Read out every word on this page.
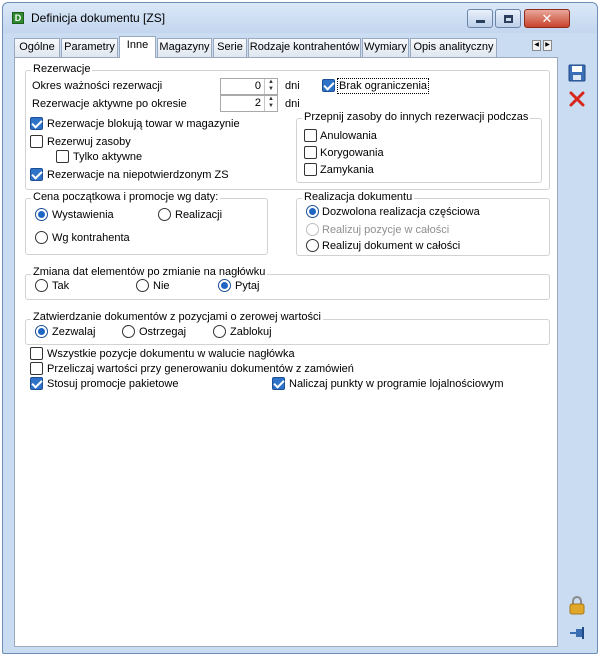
D Definicja dokumentu [ZS]	✕
Ogólne Parametry	Inne	Magazyny Serie Rodzaje kontrahentów Wymiary Opis analityczny	◀	▶
Rezerwacje
Okres ważności rezerwacji	0	▲
▼ dni	Brak ograniczenia
Rezerwacje aktywne po okresie	2	▲
▼ dni
Rezerwacje blokują towar w magazynie
Rezerwuj zasoby
Tylko aktywne
Rezerwacje na niepotwierdzonym ZS
Przepnij zasoby do innych rezerwacji podczas
Anulowania
Korygowania
Zamykania
Cena początkowa i promocje wg daty:
Wystawienia	Realizacji
Wg kontrahenta
Realizacja dokumentu
Dozwolona realizacja częściowa
Realizuj pozycje w całości
Realizuj dokument w całości
Zmiana dat elementów po zmianie na nagłówku
Tak	Nie	Pytaj
Zatwierdzanie dokumentów z pozycjami o zerowej wartości
Zezwalaj	Ostrzegaj	Zablokuj
Wszystkie pozycje dokumentu w walucie nagłówka
Przeliczaj wartości przy generowaniu dokumentów z zamówień
Stosuj promocje pakietowe	Naliczaj punkty w programie lojalnościowym
